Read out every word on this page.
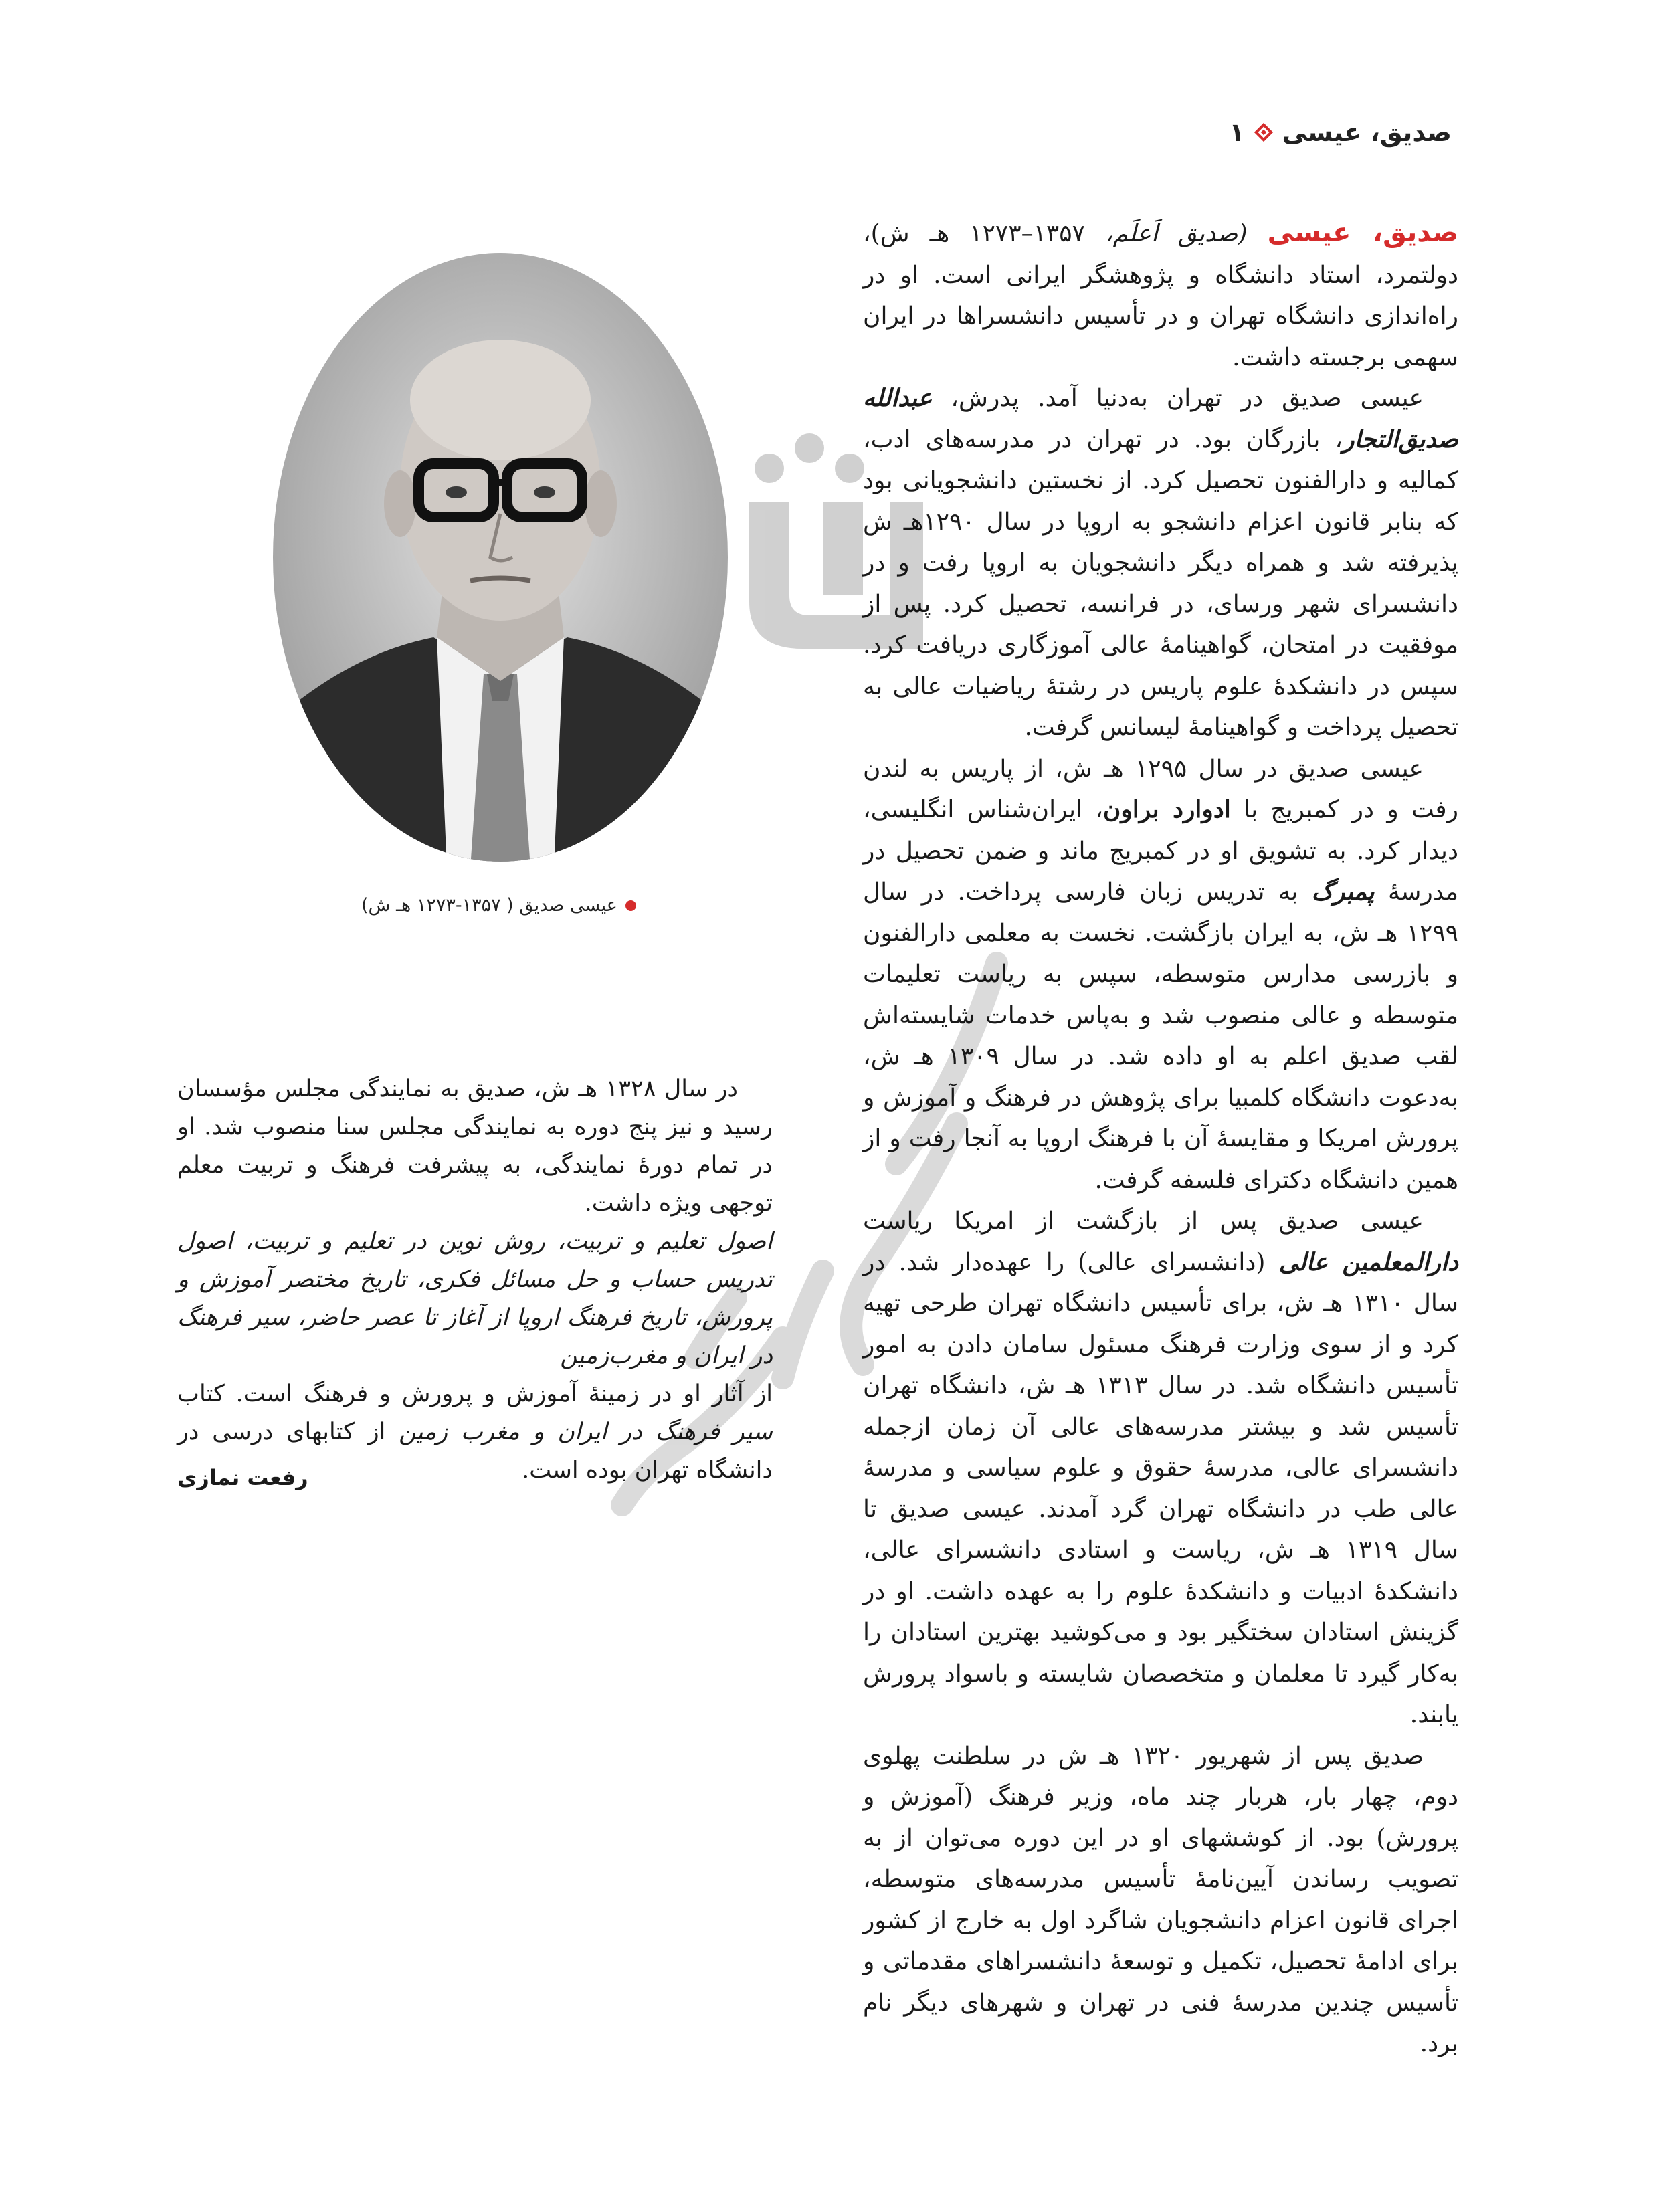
صدیق، عیسی
۱
عیسی صدیق ( ۱۳۵۷-۱۲۷۳ هـ ش)

صدیق، عیسی (صدیق اَعلَم، ۱۳۵۷–۱۲۷۳ هـ ش)، دولتمرد، استاد دانشگاه و پژوهشگر ایرانی است. او در راه‌اندازی دانشگاه تهران و در تأسیس دانشسراها در ایران سهمی برجسته داشت.

عیسی صدیق در تهران به‌دنیا آمد. پدرش، عبدالله صدیق‌التجار، بازرگان بود. در تهران در مدرسه‌های ادب، کمالیه و دارالفنون تحصیل کرد. از نخستین دانشجویانی بود که بنابر قانون اعزام دانشجو به اروپا در سال ۱۲۹۰هـ ش پذیرفته شد و همراه دیگر دانشجویان به اروپا رفت و در دانشسرای شهر ورسای، در فرانسه، تحصیل کرد. پس از موفقیت در امتحان، گواهینامۀ عالی آموزگاری دریافت کرد. سپس در دانشکدۀ علوم پاریس در رشتۀ ریاضیات عالی به تحصیل پرداخت و گواهینامۀ لیسانس گرفت.

عیسی صدیق در سال ۱۲۹۵ هـ ش، از پاریس به لندن رفت و در کمبریج با ادوارد براون، ایران‌شناس انگلیسی، دیدار کرد. به تشویق او در کمبریج ماند و ضمن تحصیل در مدرسۀ پمبرگ به تدریس زبان فارسی پرداخت. در سال ۱۲۹۹ هـ ش، به ایران بازگشت. نخست به معلمی دارالفنون و بازرسی مدارس متوسطه، سپس به ریاست تعلیمات متوسطه و عالی منصوب شد و به‌پاس خدمات شایسته‌اش لقب صدیق اعلم به او داده شد. در سال ۱۳۰۹ هـ ش، به‌دعوت دانشگاه کلمبیا برای پژوهش در فرهنگ و آموزش و پرورش امریکا و مقایسۀ آن با فرهنگ اروپا به آنجا رفت و از همین دانشگاه دکترای فلسفه گرفت.

عیسی صدیق پس از بازگشت از امریکا ریاست دارالمعلمین عالی (دانشسرای عالی) را عهده‌دار شد. در سال ۱۳۱۰ هـ ش، برای تأسیس دانشگاه تهران طرحی تهیه کرد و از سوی وزارت فرهنگ مسئول سامان دادن به امور تأسیس دانشگاه شد. در سال ۱۳۱۳ هـ ش، دانشگاه تهران تأسیس شد و بیشتر مدرسه‌های عالی آن زمان ازجمله دانشسرای عالی، مدرسۀ حقوق و علوم سیاسی و مدرسۀ عالی طب در دانشگاه تهران گرد آمدند. عیسی صدیق تا سال ۱۳۱۹ هـ ش، ریاست و استادی دانشسرای عالی، دانشکدۀ ادبیات و دانشکدۀ علوم را به عهده داشت. او در گزینش استادان سختگیر بود و می‌کوشید بهترین استادان را به‌کار گیرد تا معلمان و متخصصان شایسته و باسواد پرورش یابند.

صدیق پس از شهریور ۱۳۲۰ هـ ش در سلطنت پهلوی دوم، چهار بار، هربار چند ماه، وزیر فرهنگ (آموزش و پرورش) بود. از کوششهای او در این دوره می‌توان از به تصویب رساندن آیین‌نامۀ تأسیس مدرسه‌های متوسطه، اجرای قانون اعزام دانشجویان شاگرد اول به خارج از کشور برای ادامۀ تحصیل، تکمیل و توسعۀ دانشسراهای مقدماتی و تأسیس چندین مدرسۀ فنی در تهران و شهرهای دیگر نام برد.

در سال ۱۳۲۸ هـ ش، صدیق به نمایندگی مجلس مؤسسان رسید و نیز پنج دوره به نمایندگی مجلس سنا منصوب شد. او در تمام دورۀ نمایندگی، به پیشرفت فرهنگ و تربیت معلم توجهی ویژه داشت.

اصول تعلیم و تربیت، روش نوین در تعلیم و تربیت، اصول تدریس حساب و حل مسائل فکری، تاریخ مختصر آموزش و پرورش، تاریخ فرهنگ اروپا از آغاز تا عصر حاضر، سیر فرهنگ در ایران و مغرب‌زمین

از آثار او در زمینۀ آموزش و پرورش و فرهنگ است. کتاب سیر فرهنگ در ایران و مغرب زمین از کتابهای درسی در دانشگاه تهران بوده است.

رفعت نمازی
